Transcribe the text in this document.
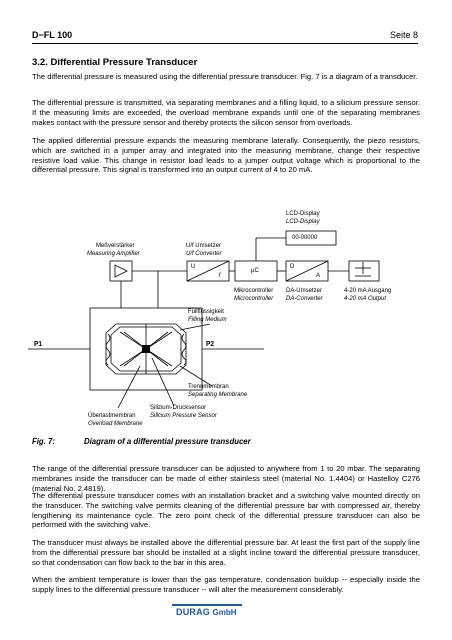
D−FL 100	Seite 8
3.2. Differential Pressure Transducer

The differential pressure is measured using the differential pressure transducer. Fig. 7 is a diagram of a transducer.

The differential pressure is transmitted, via separating membranes and a filling liquid, to a silicium pressure sensor. If the measuring limits are exceeded, the overload membrane expands until one of the separating membranes makes contact with the pressure sensor and thereby protects the silicon sensor from overloads.

The applied differential pressure expands the measuring membrane laterally. Consequently, the piezo resistors, which are switched in a jumper array and integrated into the measuring membrane, change their respective resistive load value. This change in resistor load leads to a jumper output voltage which is proportional to the differential pressure. This signal is transformed into an output current of 4 to 20 mA.

LCD-Display
LCD-Display
00-00000
Meßverstärker
Measuring Amplifier
U/f Umsetzer
U/f Converter
U
f
µC
Mikrocontroller
Microcontroller
D
A
DA-Umsetzer
DA-Converter
4-20 mA Ausgang
4-20 mA Output
Füllflüssigkeit
Filling Medium
P1	P2
Trennmembran
Separating Membrane
Silizium-Drucksensor
Silicium Pressure Sensor
Überlastmembran
Overload Membrane
Fig. 7:	Diagram of a differential pressure transducer

The range of the differential pressure transducer can be adjusted to anywhere from 1 to 20 mbar. The separating membranes inside the transducer can be made of either stainless steel (material No. 1.4404) or Hastelloy C276 (material No. 2.4819).

The differential pressure transducer comes with an installation bracket and a switching valve mounted directly on the transducer. The switching valve permits cleaning of the differential pressure bar with compressed air, thereby lengthening its maintenance cycle. The zero point check of the differential pressure transducer can also be performed with the switching valve.

The transducer must always be installed above the differential pressure bar. At least the first part of the supply line from the differential pressure bar should be installed at a slight incline toward the differential pressure transducer, so that condensation can flow back to the bar in this area.

When the ambient temperature is lower than the gas temperature, condensation buildup -- especially inside the supply lines to the differential pressure transducer -- will alter the measurement considerably.

DURAG GmbH
